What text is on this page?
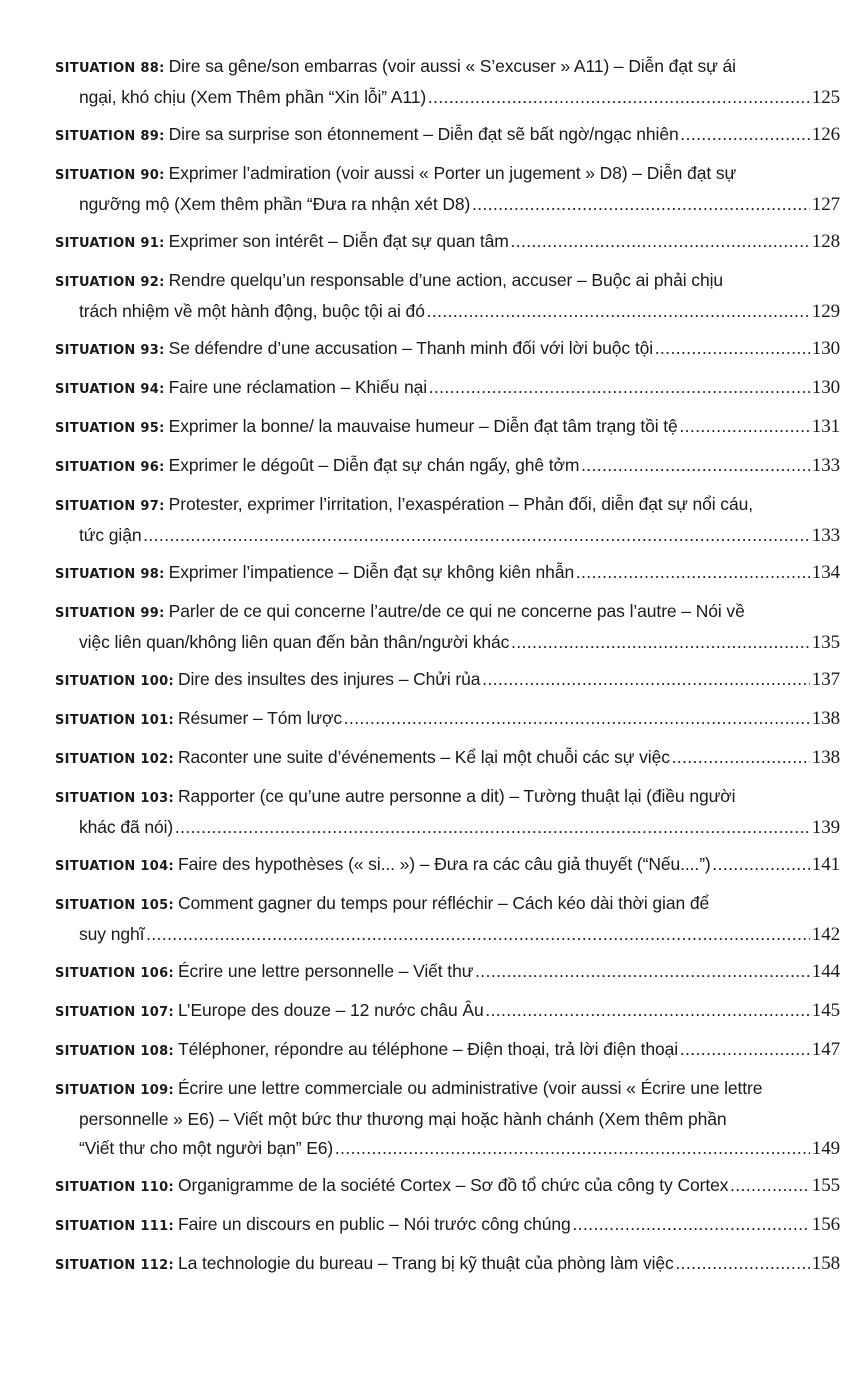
SITUATION 88: Dire sa gêne/son embarras (voir aussi « S’excuser » A11) – Diễn đạt sự ái
ngại, khó chịu (Xem Thêm phần “Xin lỗi” A11) .....	125
SITUATION 89: Dire sa surprise son étonnement – Diễn đạt sẽ bất ngờ/ngạc nhiên .....	126
SITUATION 90: Exprimer l’admiration (voir aussi « Porter un jugement » D8) – Diễn đạt sự
ngưỡng mộ (Xem thêm phần “Đưa ra nhận xét D8) .....	127
SITUATION 91: Exprimer son intérêt – Diễn đạt sự quan tâm .....	128
SITUATION 92: Rendre quelqu’un responsable d’une action, accuser – Buộc ai phải chịu
trách nhiệm về một hành động, buộc tội ai đó .....	129
SITUATION 93: Se défendre d’une accusation – Thanh minh đối với lời buộc tội .....	130
SITUATION 94: Faire une réclamation – Khiếu nại .....	130
SITUATION 95: Exprimer la bonne/ la mauvaise humeur – Diễn đạt tâm trạng tồi tệ .....	131
SITUATION 96: Exprimer le dégoût – Diễn đạt sự chán ngấy, ghê tởm .....	133
SITUATION 97: Protester, exprimer l’irritation, l’exaspération – Phản đối, diễn đạt sự nổi cáu,
tức giận .....	133
SITUATION 98: Exprimer l’impatience – Diễn đạt sự không kiên nhẫn .....	134
SITUATION 99: Parler de ce qui concerne l’autre/de ce qui ne concerne pas l’autre – Nói về
việc liên quan/không liên quan đến bản thân/người khác .....	135
SITUATION 100: Dire des insultes des injures – Chửi rủa .....	137
SITUATION 101: Résumer – Tóm lược .....	138
SITUATION 102: Raconter une suite d’événements – Kể lại một chuỗi các sự việc .....	138
SITUATION 103: Rapporter (ce qu’une autre personne a dit) – Tường thuật lại (điều người
khác đã nói) .....	139
SITUATION 104: Faire des hypothèses (« si... ») – Đưa ra các câu giả thuyết (“Nếu....”) .....	141
SITUATION 105: Comment gagner du temps pour réfléchir – Cách kéo dài thời gian để
suy nghĩ .....	142
SITUATION 106: Écrire une lettre personnelle – Viết thư .....	144
SITUATION 107: L’Europe des douze – 12 nước châu Âu .....	145
SITUATION 108: Téléphoner, répondre au téléphone – Điện thoại, trả lời điện thoại .....	147
SITUATION 109: Écrire une lettre commerciale ou administrative (voir aussi « Écrire une lettre
personnelle » E6) – Viết một bức thư thương mại hoặc hành chánh (Xem thêm phần
“Viết thư cho một người bạn” E6) .....	149
SITUATION 110: Organigramme de la société Cortex – Sơ đồ tổ chức của công ty Cortex .....	155
SITUATION 111: Faire un discours en public – Nói trước công chúng .....	156
SITUATION 112: La technologie du bureau – Trang bị kỹ thuật của phòng làm việc .....	158
